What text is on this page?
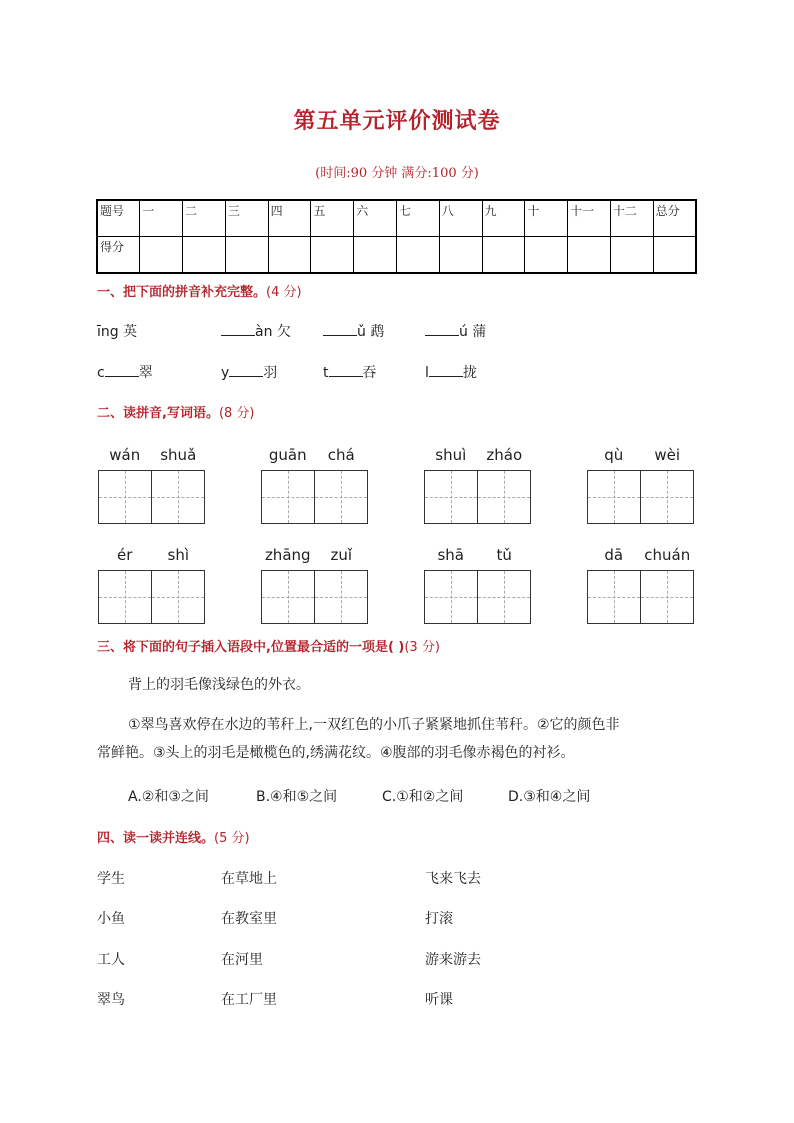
第五单元评价测试卷
(时间:90 分钟 满分:100 分)
题号	一	二	三	四	五	六	七	八	九	十	十一	十二	总分
得分													
一、把下面的拼音补充完整。(4 分)
īng 英	àn 欠	ǔ 鹉	ú 蒲
c 翠	y 羽	t 吞	l 拢
二、读拼音,写词语。(8 分)
wán	shuǎ	guān	chá	shuì	zháo	qù	wèi
ér	shì	zhāng	zuǐ	shā	tǔ	dā	chuán
三、将下面的句子插入语段中,位置最合适的一项是( )(3 分)
背上的羽毛像浅绿色的外衣。
①翠鸟喜欢停在水边的苇秆上,一双红色的小爪子紧紧地抓住苇秆。②它的颜色非
常鲜艳。③头上的羽毛是橄榄色的,绣满花纹。④腹部的羽毛像赤褐色的衬衫。
A.②和③之间	B.④和⑤之间	C.①和②之间	D.③和④之间
四、读一读并连线。(5 分)
学生	在草地上	飞来飞去
小鱼	在教室里	打滚
工人	在河里	游来游去
翠鸟	在工厂里	听课
